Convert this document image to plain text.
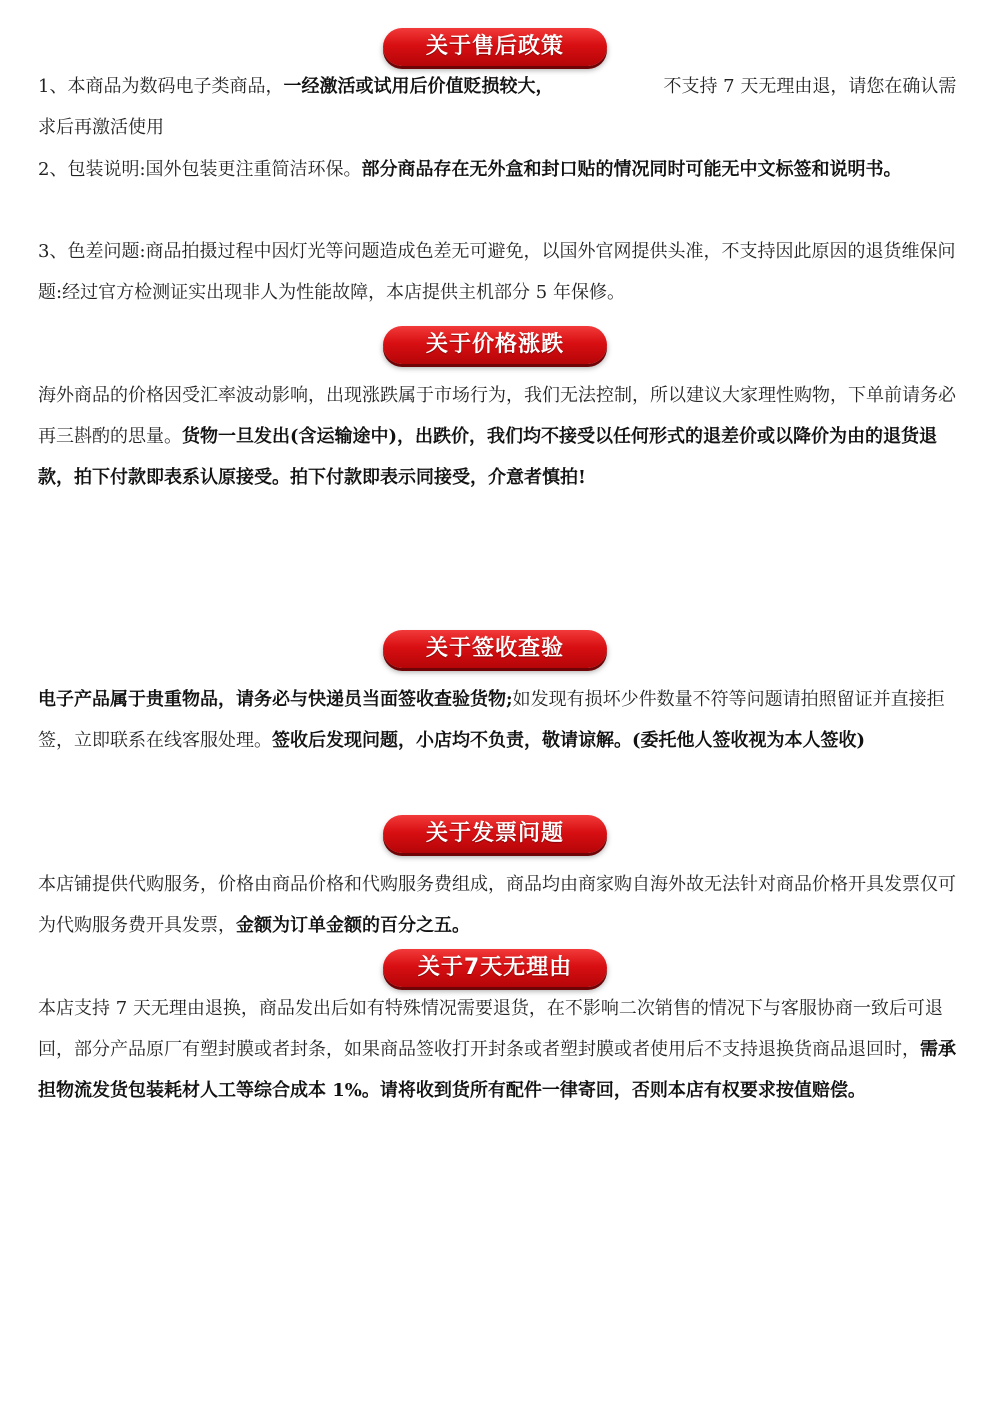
关于售后政策

1、本商品为数码电子类商品，一经激活或试用后价值贬损较大，	不支持 7 天无理由退，请您在确认需求后再激活使用

2、包装说明:国外包装更注重简洁环保。部分商品存在无外盒和封口贴的情况同时可能无中文标签和说明书。

3、色差问题:商品拍摄过程中因灯光等问题造成色差无可避免，以国外官网提供头准，不支持因此原因的退货维保问题:经过官方检测证实出现非人为性能故障，本店提供主机部分 5 年保修。

关于价格涨跌

海外商品的价格因受汇率波动影响，出现涨跌属于市场行为，我们无法控制，所以建议大家理性购物，下单前请务必再三斟酌的思量。货物一旦发出(含运输途中)，出跌价，我们均不接受以任何形式的退差价或以降价为由的退货退款，拍下付款即表系认原接受。拍下付款即表示同接受，介意者慎拍!

关于签收查验

电子产品属于贵重物品，请务必与快递员当面签收查验货物;如发现有损坏少件数量不符等问题请拍照留证并直接拒签，立即联系在线客服处理。签收后发现问题，小店均不负责，敬请谅解。(委托他人签收视为本人签收)

关于发票问题

本店铺提供代购服务，价格由商品价格和代购服务费组成，商品均由商家购自海外故无法针对商品价格开具发票仅可为代购服务费开具发票，金额为订单金额的百分之五。

关于7天无理由

本店支持 7 天无理由退换，商品发出后如有特殊情况需要退货，在不影响二次销售的情况下与客服协商一致后可退回，部分产品原厂有塑封膜或者封条，如果商品签收打开封条或者塑封膜或者使用后不支持退换货商品退回时，需承担物流发货包装耗材人工等综合成本 1%。请将收到货所有配件一律寄回，否则本店有权要求按值赔偿。
